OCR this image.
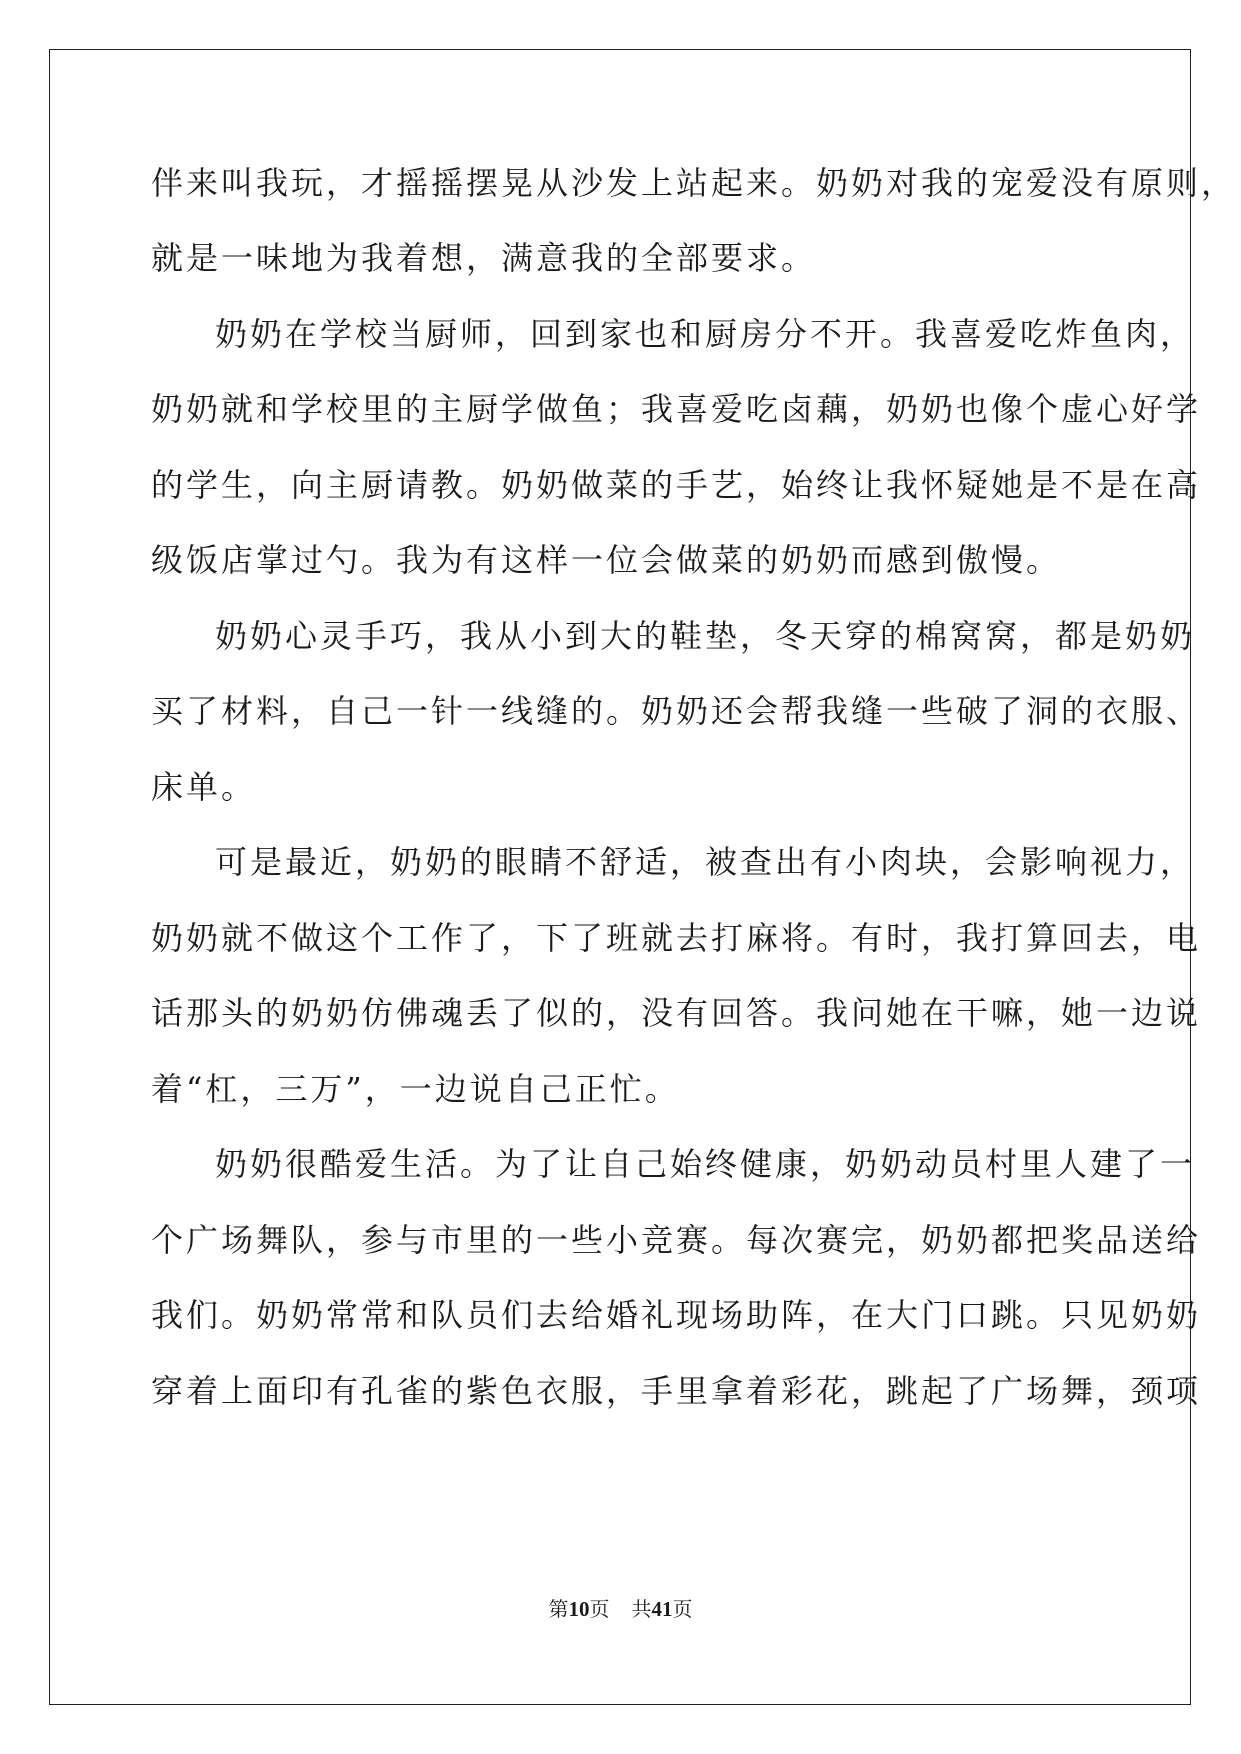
伴来叫我玩，才摇摇摆晃从沙发上站起来。奶奶对我的宠爱没有原则，
就是一味地为我着想，满意我的全部要求。
奶奶在学校当厨师，回到家也和厨房分不开。我喜爱吃炸鱼肉，
奶奶就和学校里的主厨学做鱼；我喜爱吃卤藕，奶奶也像个虚心好学
的学生，向主厨请教。奶奶做菜的手艺，始终让我怀疑她是不是在高
级饭店掌过勺。我为有这样一位会做菜的奶奶而感到傲慢。
奶奶心灵手巧，我从小到大的鞋垫，冬天穿的棉窝窝，都是奶奶
买了材料，自己一针一线缝的。奶奶还会帮我缝一些破了洞的衣服、
床单。
可是最近，奶奶的眼睛不舒适，被查出有小肉块，会影响视力，
奶奶就不做这个工作了，下了班就去打麻将。有时，我打算回去，电
话那头的奶奶仿佛魂丢了似的，没有回答。我问她在干嘛，她一边说
着“杠，三万”，一边说自己正忙。
奶奶很酷爱生活。为了让自己始终健康，奶奶动员村里人建了一
个广场舞队，参与市里的一些小竞赛。每次赛完，奶奶都把奖品送给
我们。奶奶常常和队员们去给婚礼现场助阵，在大门口跳。只见奶奶
穿着上面印有孔雀的紫色衣服，手里拿着彩花，跳起了广场舞，颈项
第10页 共41页
